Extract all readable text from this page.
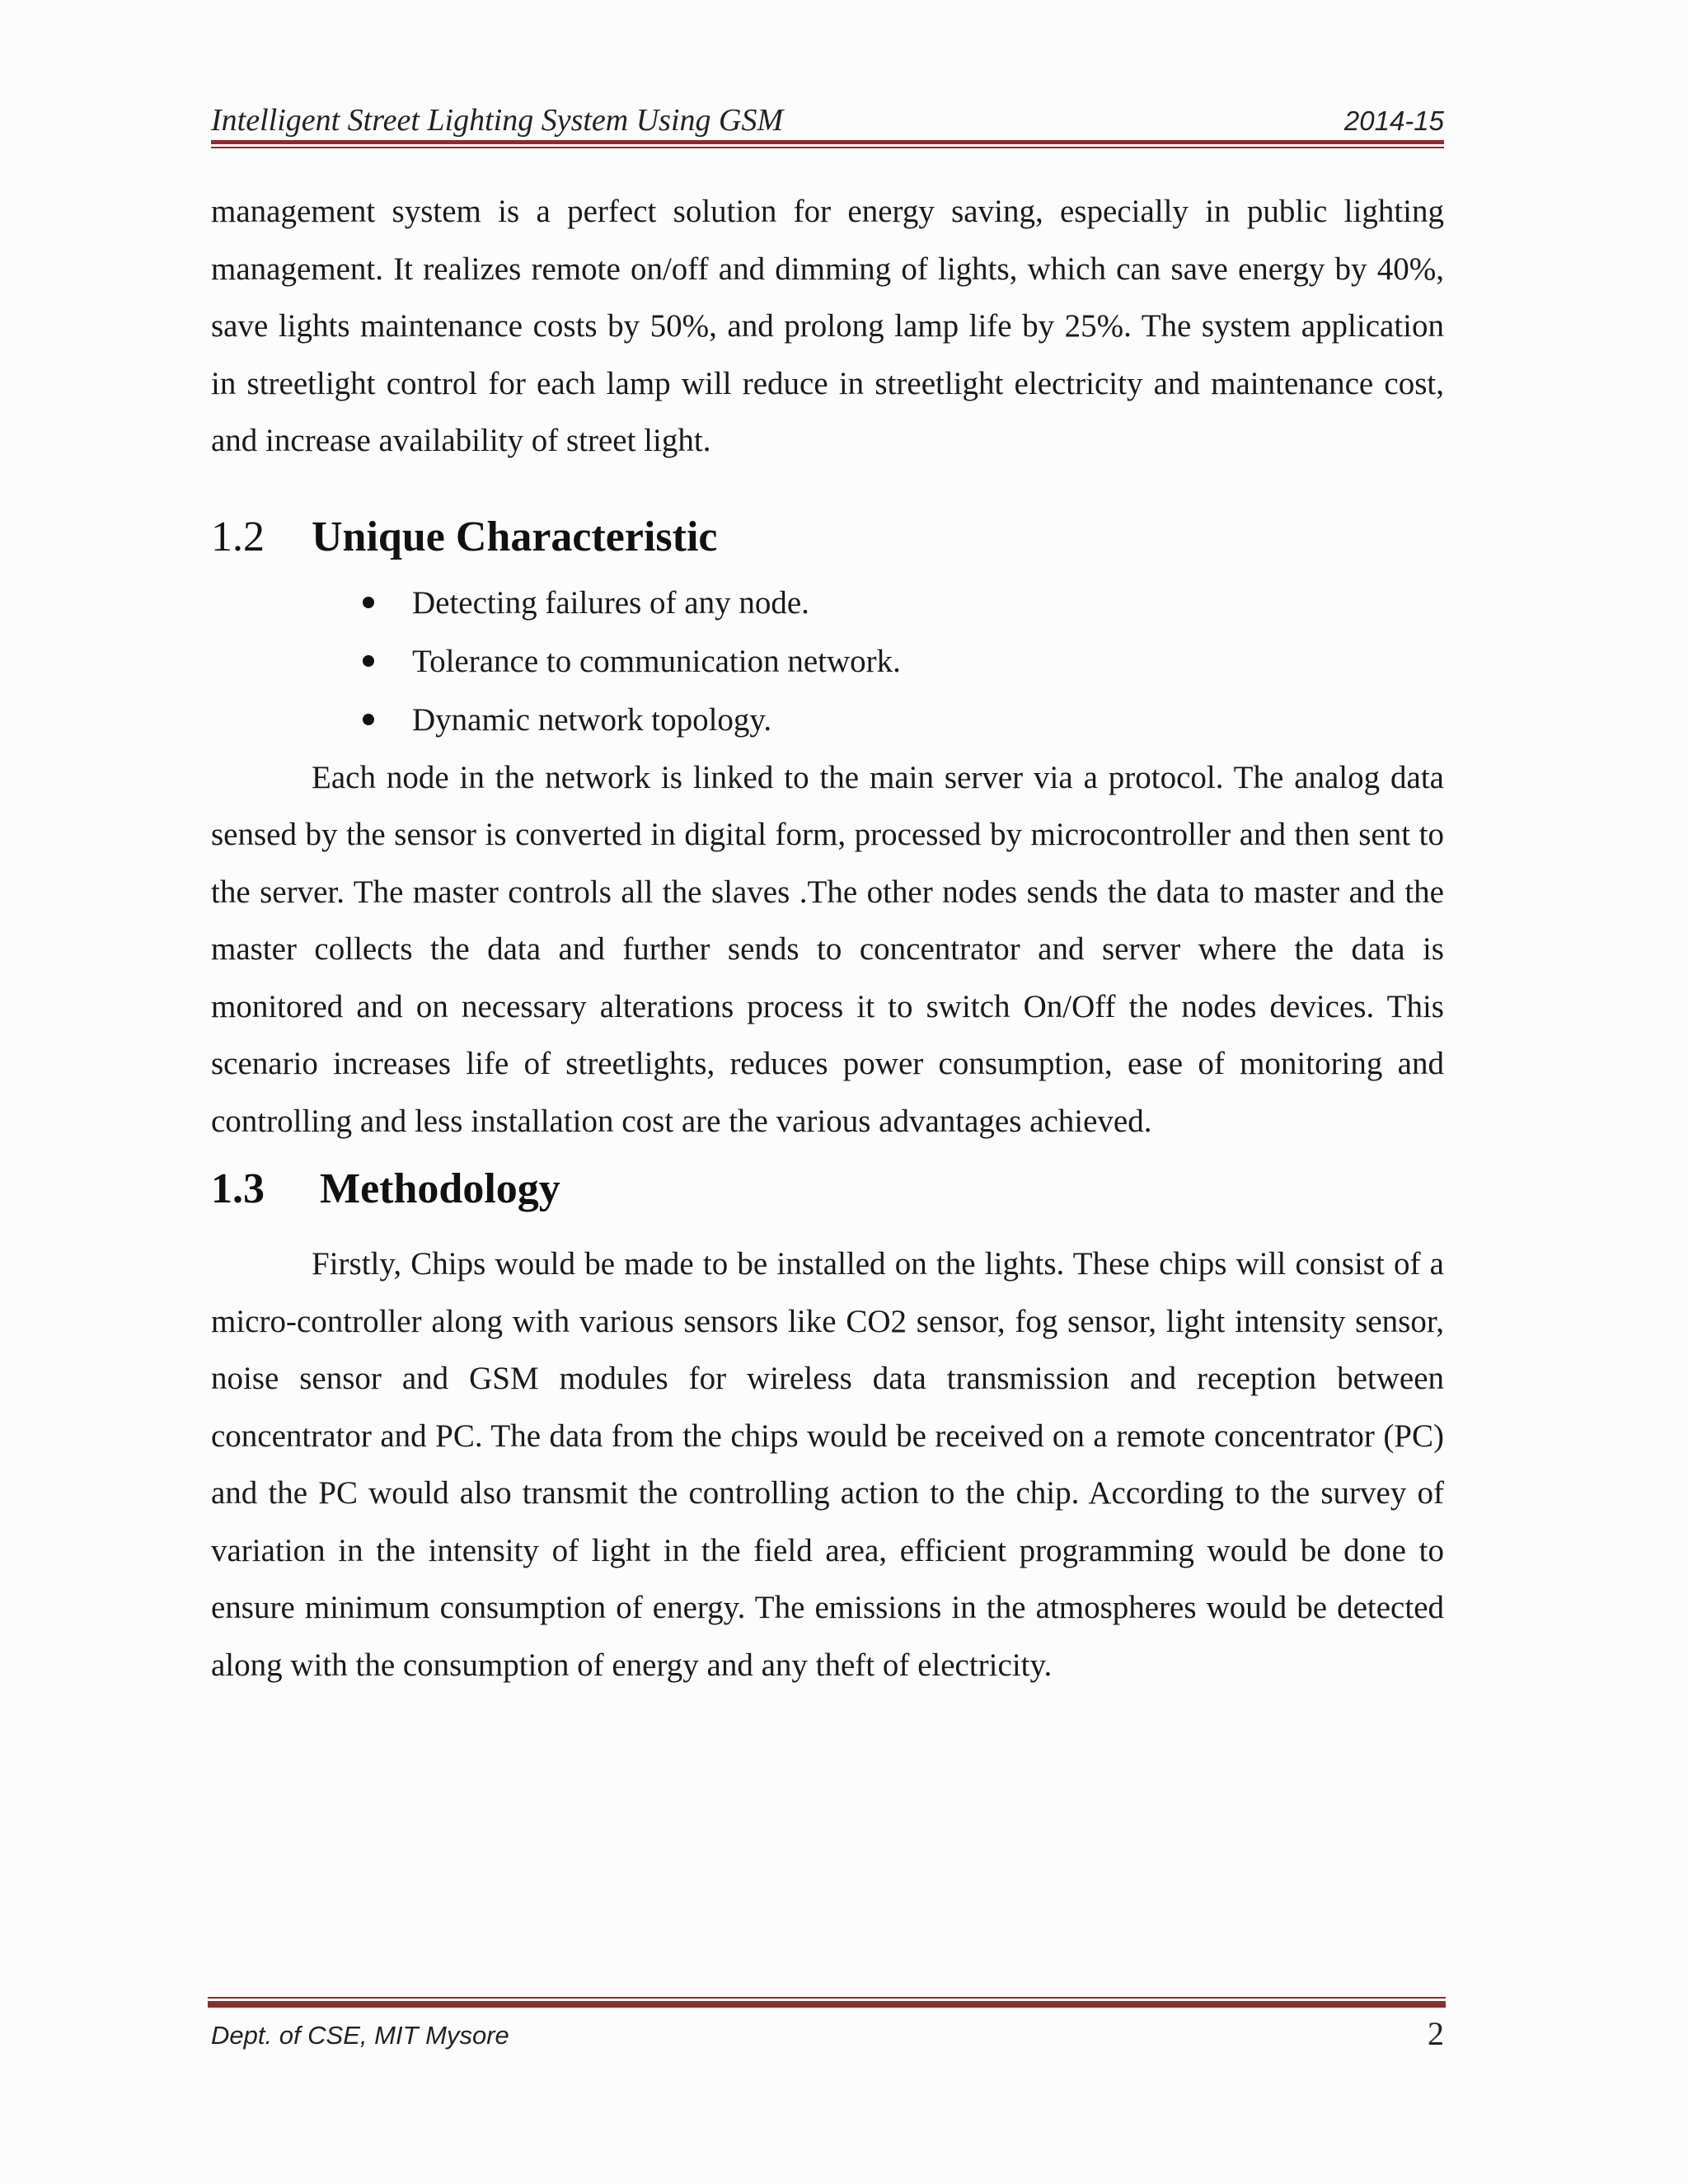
Intelligent Street Lighting System Using GSM	2014-15

management system is a perfect solution for energy saving, especially in public lighting management. It realizes remote on/off and dimming of lights, which can save energy by 40%, save lights maintenance costs by 50%, and prolong lamp life by 25%. The system application in streetlight control for each lamp will reduce in streetlight electricity and maintenance cost, and increase availability of street light.

1.2 Unique Characteristic
Detecting failures of any node.
Tolerance to communication network.
Dynamic network topology.

Each node in the network is linked to the main server via a protocol. The analog data sensed by the sensor is converted in digital form, processed by microcontroller and then sent to the server. The master controls all the slaves .The other nodes sends the data to master and the master collects the data and further sends to concentrator and server where the data is monitored and on necessary alterations process it to switch On/Off the nodes devices. This scenario increases life of streetlights, reduces power consumption, ease of monitoring and controlling and less installation cost are the various advantages achieved.

1.3 Methodology

Firstly, Chips would be made to be installed on the lights. These chips will consist of a micro-controller along with various sensors like CO2 sensor, fog sensor, light intensity sensor, noise sensor and GSM modules for wireless data transmission and reception between concentrator and PC. The data from the chips would be received on a remote concentrator (PC) and the PC would also transmit the controlling action to the chip. According to the survey of variation in the intensity of light in the field area, efficient programming would be done to ensure minimum consumption of energy. The emissions in the atmospheres would be detected along with the consumption of energy and any theft of electricity.

Dept. of CSE, MIT Mysore	2
